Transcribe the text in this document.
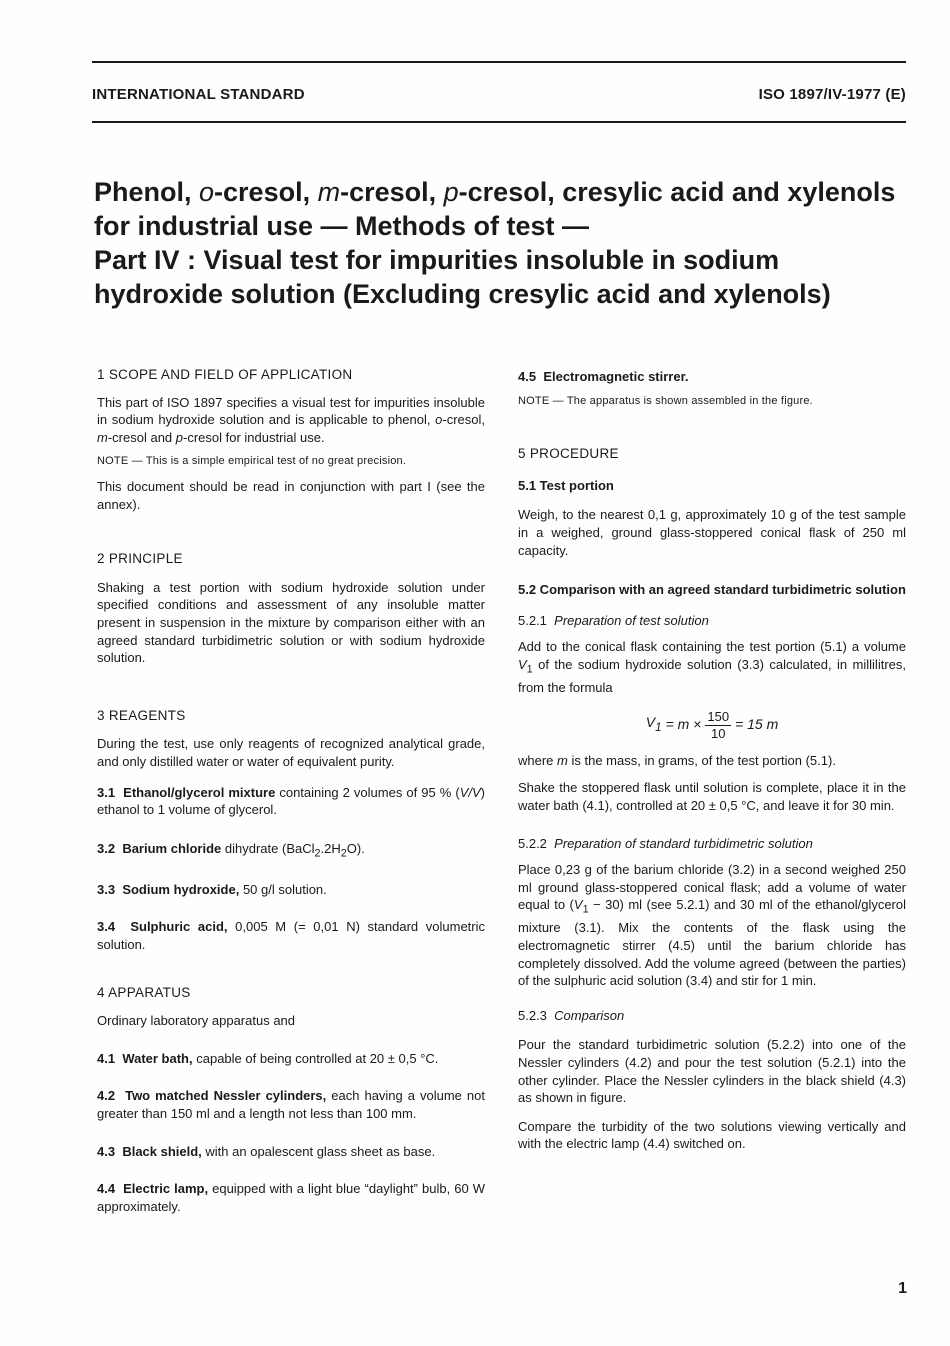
INTERNATIONAL STANDARD	ISO 1897/IV-1977 (E)
Phenol, o-cresol, m-cresol, p-cresol, cresylic acid and xylenols
for industrial use — Methods of test —
Part IV : Visual test for impurities insoluble in sodium
hydroxide solution (Excluding cresylic acid and xylenols)

1 SCOPE AND FIELD OF APPLICATION

This part of ISO 1897 specifies a visual test for impurities insoluble in sodium hydroxide solution and is applicable to phenol, o-cresol, m-cresol and p-cresol for industrial use.

NOTE — This is a simple empirical test of no great precision.

This document should be read in conjunction with part I (see the annex).

2 PRINCIPLE

Shaking a test portion with sodium hydroxide solution under specified conditions and assessment of any insoluble matter present in suspension in the mixture by comparison either with an agreed standard turbidimetric solution or with sodium hydroxide solution.

3 REAGENTS

During the test, use only reagents of recognized analytical grade, and only distilled water or water of equivalent purity.

3.1 Ethanol/glycerol mixture containing 2 volumes of 95 % (V/V) ethanol to 1 volume of glycerol.

3.2 Barium chloride dihydrate $(BaCl_2.2H_2O)$.

3.3 Sodium hydroxide, 50 g/l solution.

3.4 Sulphuric acid, 0,005 M (= 0,01 N) standard volumetric solution.

4 APPARATUS

Ordinary laboratory apparatus and

4.1 Water bath, capable of being controlled at 20 ± 0,5 °C.

4.2 Two matched Nessler cylinders, each having a volume not greater than 150 ml and a length not less than 100 mm.

4.3 Black shield, with an opalescent glass sheet as base.

4.4 Electric lamp, equipped with a light blue “daylight” bulb, 60 W approximately.

4.5 Electromagnetic stirrer.

NOTE — The apparatus is shown assembled in the figure.

5 PROCEDURE

5.1 Test portion

Weigh, to the nearest 0,1 g, approximately 10 g of the test sample in a weighed, ground glass-stoppered conical flask of 250 ml capacity.

5.2 Comparison with an agreed standard turbidimetric solution

5.2.1 Preparation of test solution

Add to the conical flask containing the test portion (5.1) a volume $V_1$ of the sodium hydroxide solution (3.3) calculated, in millilitres, from the formula

$V_1 = m \times \frac{150}{10} = 15$ m

where m is the mass, in grams, of the test portion (5.1).

Shake the stoppered flask until solution is complete, place it in the water bath (4.1), controlled at 20 ± 0,5 °C, and leave it for 30 min.

5.2.2 Preparation of standard turbidimetric solution

Place 0,23 g of the barium chloride (3.2) in a second weighed 250 ml ground glass-stoppered conical flask; add a volume of water equal to $(V_1 - 30)$ ml (see 5.2.1) and 30 ml of the ethanol/glycerol mixture (3.1). Mix the contents of the flask using the electromagnetic stirrer (4.5) until the barium chloride has completely dissolved. Add the volume agreed (between the parties) of the sulphuric acid solution (3.4) and stir for 1 min.

5.2.3 Comparison

Pour the standard turbidimetric solution (5.2.2) into one of the Nessler cylinders (4.2) and pour the test solution (5.2.1) into the other cylinder. Place the Nessler cylinders in the black shield (4.3) as shown in figure.

Compare the turbidity of the two solutions viewing vertically and with the electric lamp (4.4) switched on.

1
